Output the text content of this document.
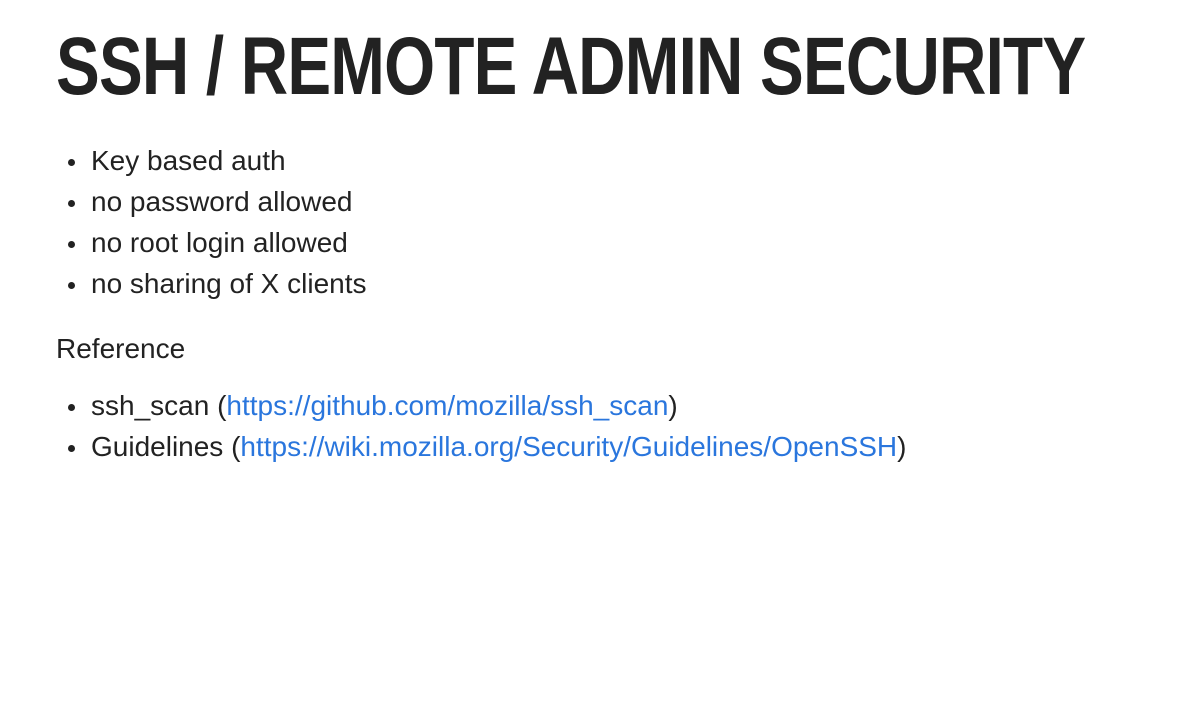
SSH / REMOTE ADMIN SECURITY
• Key based auth
• no password allowed
• no root login allowed
• no sharing of X clients

Reference

• ssh_scan (https://github.com/mozilla/ssh_scan)
• Guidelines (https://wiki.mozilla.org/Security/Guidelines/OpenSSH)
